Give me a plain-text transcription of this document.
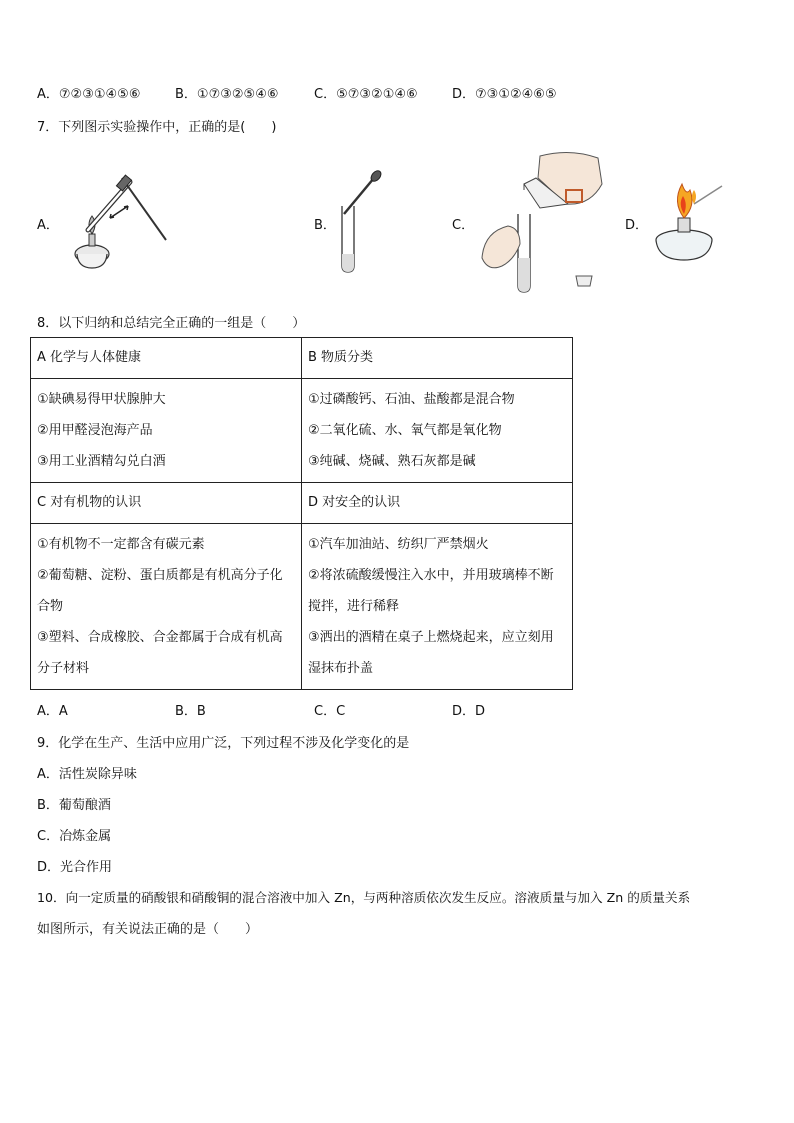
A．⑦②③①④⑤⑥	B．①⑦③②⑤④⑥	C．⑤⑦③②①④⑥	D．⑦③①②④⑥⑤
7．下列图示实验操作中，正确的是(　　)
A．	B．	C．	D．
8．以下归纳和总结完全正确的一组是（　　）
A 化学与人体健康	B 物质分类

①缺碘易得甲状腺肿大
②用甲醛浸泡海产品
③用工业酒精勾兑白酒	①过磷酸钙、石油、盐酸都是混合物
②二氧化硫、水、氧气都是氧化物
③纯碱、烧碱、熟石灰都是碱

C 对有机物的认识	D 对安全的认识

①有机物不一定都含有碳元素
②葡萄糖、淀粉、蛋白质都是有机高分子化合物
③塑料、合成橡胶、合金都属于合成有机高分子材料	①汽车加油站、纺织厂严禁烟火
②将浓硫酸缓慢注入水中，并用玻璃棒不断搅拌，进行稀释
③洒出的酒精在桌子上燃烧起来，应立刻用湿抹布扑盖
A．A	B．B	C．C	D．D
9．化学在生产、生活中应用广泛，下列过程不涉及化学变化的是
A．活性炭除异味
B．葡萄酿酒
C．冶炼金属
D．光合作用
10．向一定质量的硝酸银和硝酸铜的混合溶液中加入 Zn，与两种溶质依次发生反应。溶液质量与加入 Zn 的质量关系
如图所示，有关说法正确的是（　　）
